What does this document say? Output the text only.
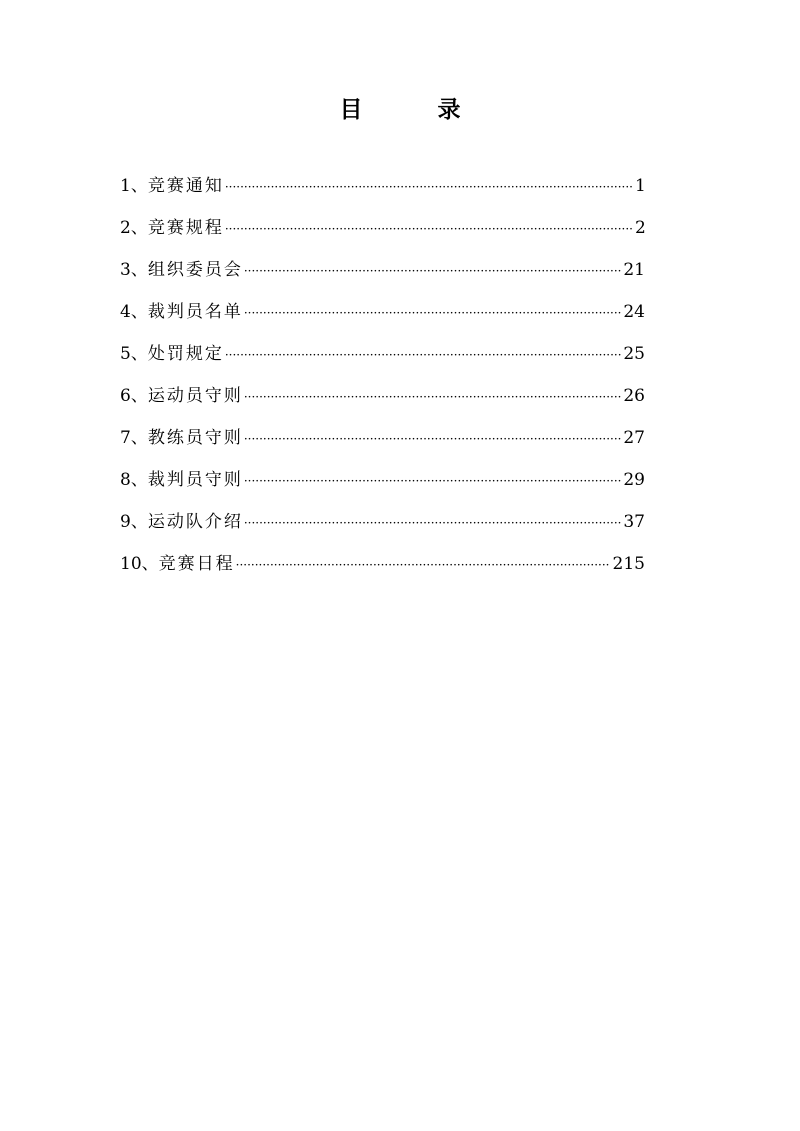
目　录
1、 竞赛通知 ·····	1
2、 竞赛规程 ·····	2
3、 组织委员会 ·····	21
4、 裁判员名单 ·····	24
5、 处罚规定 ·····	25
6、 运动员守则 ·····	26
7、 教练员守则 ·····	27
8、 裁判员守则 ·····	29
9、 运动队介绍 ·····	37
10、 竞赛日程 ·····	215
